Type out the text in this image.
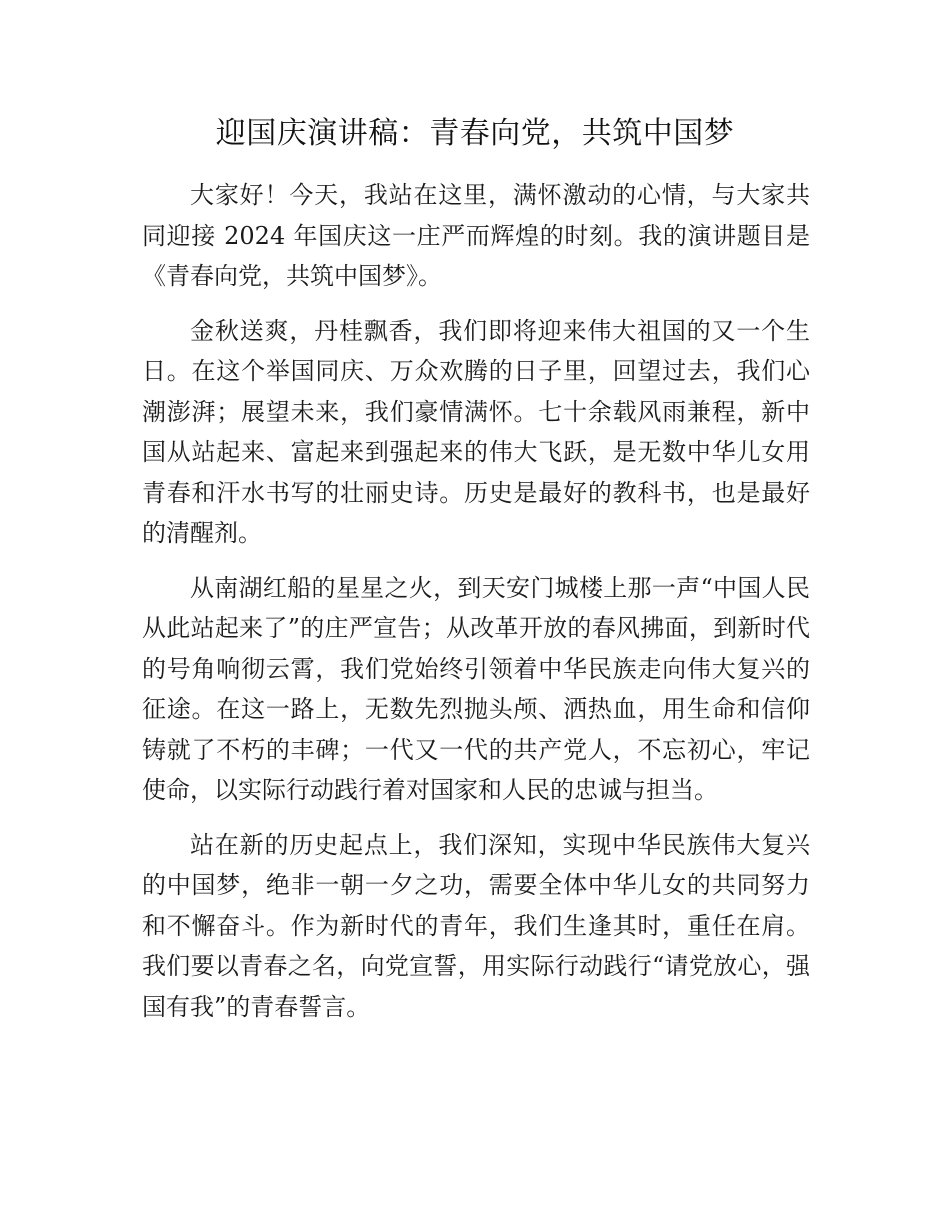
迎国庆演讲稿：青春向党，共筑中国梦

大家好！今天，我站在这里，满怀激动的心情，与大家共同迎接 2024 年国庆这一庄严而辉煌的时刻。我的演讲题目是《青春向党，共筑中国梦》。

金秋送爽，丹桂飘香，我们即将迎来伟大祖国的又一个生日。在这个举国同庆、万众欢腾的日子里，回望过去，我们心潮澎湃；展望未来，我们豪情满怀。七十余载风雨兼程，新中国从站起来、富起来到强起来的伟大飞跃，是无数中华儿女用青春和汗水书写的壮丽史诗。历史是最好的教科书，也是最好的清醒剂。

从南湖红船的星星之火，到天安门城楼上那一声“中国人民从此站起来了”的庄严宣告；从改革开放的春风拂面，到新时代的号角响彻云霄，我们党始终引领着中华民族走向伟大复兴的征途。在这一路上，无数先烈抛头颅、洒热血，用生命和信仰铸就了不朽的丰碑；一代又一代的共产党人，不忘初心，牢记使命，以实际行动践行着对国家和人民的忠诚与担当。

站在新的历史起点上，我们深知，实现中华民族伟大复兴的中国梦，绝非一朝一夕之功，需要全体中华儿女的共同努力和不懈奋斗。作为新时代的青年，我们生逢其时，重任在肩。我们要以青春之名，向党宣誓，用实际行动践行“请党放心，强国有我”的青春誓言。
